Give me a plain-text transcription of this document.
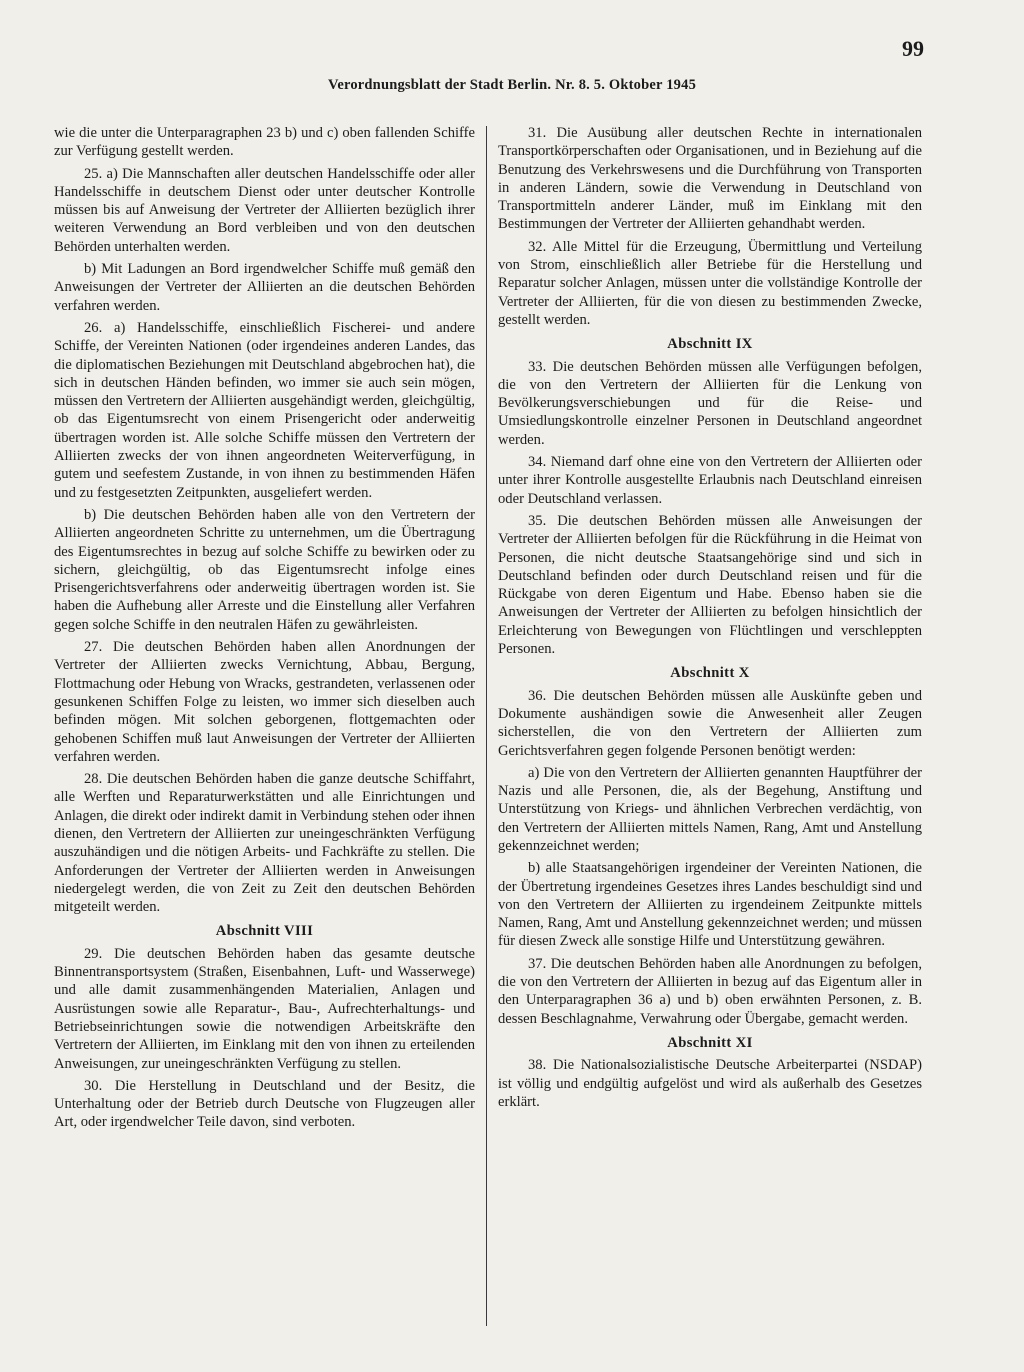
99
Verordnungsblatt der Stadt Berlin. Nr. 8. 5. Oktober 1945

wie die unter die Unterparagraphen 23 b) und c) oben fallenden Schiffe zur Verfügung gestellt werden.

25. a) Die Mannschaften aller deutschen Handelsschiffe oder aller Handelsschiffe in deutschem Dienst oder unter deutscher Kontrolle müssen bis auf Anweisung der Vertreter der Alliierten bezüglich ihrer weiteren Verwendung an Bord verbleiben und von den deutschen Behörden unterhalten werden.

b) Mit Ladungen an Bord irgendwelcher Schiffe muß gemäß den Anweisungen der Vertreter der Alliierten an die deutschen Behörden verfahren werden.

26. a) Handelsschiffe, einschließlich Fischerei- und andere Schiffe, der Vereinten Nationen (oder irgendeines anderen Landes, das die diplomatischen Beziehungen mit Deutschland abgebrochen hat), die sich in deutschen Händen befinden, wo immer sie auch sein mögen, müssen den Vertretern der Alliierten ausgehändigt werden, gleichgültig, ob das Eigentumsrecht von einem Prisengericht oder anderweitig übertragen worden ist. Alle solche Schiffe müssen den Vertretern der Alliierten zwecks der von ihnen angeordneten Weiterverfügung, in gutem und seefestem Zustande, in von ihnen zu bestimmenden Häfen und zu festgesetzten Zeitpunkten, ausgeliefert werden.

b) Die deutschen Behörden haben alle von den Vertretern der Alliierten angeordneten Schritte zu unternehmen, um die Übertragung des Eigentumsrechtes in bezug auf solche Schiffe zu bewirken oder zu sichern, gleichgültig, ob das Eigentumsrecht infolge eines Prisengerichtsverfahrens oder anderweitig übertragen worden ist. Sie haben die Aufhebung aller Arreste und die Einstellung aller Verfahren gegen solche Schiffe in den neutralen Häfen zu gewährleisten.

27. Die deutschen Behörden haben allen Anordnungen der Vertreter der Alliierten zwecks Vernichtung, Abbau, Bergung, Flottmachung oder Hebung von Wracks, gestrandeten, verlassenen oder gesunkenen Schiffen Folge zu leisten, wo immer sich dieselben auch befinden mögen. Mit solchen geborgenen, flottgemachten oder gehobenen Schiffen muß laut Anweisungen der Vertreter der Alliierten verfahren werden.

28. Die deutschen Behörden haben die ganze deutsche Schiffahrt, alle Werften und Reparaturwerkstätten und alle Einrichtungen und Anlagen, die direkt oder indirekt damit in Verbindung stehen oder ihnen dienen, den Vertretern der Alliierten zur uneingeschränkten Verfügung auszuhändigen und die nötigen Arbeits- und Fachkräfte zu stellen. Die Anforderungen der Vertreter der Alliierten werden in Anweisungen niedergelegt werden, die von Zeit zu Zeit den deutschen Behörden mitgeteilt werden.

Abschnitt VIII

29. Die deutschen Behörden haben das gesamte deutsche Binnentransportsystem (Straßen, Eisenbahnen, Luft- und Wasserwege) und alle damit zusammenhängenden Materialien, Anlagen und Ausrüstungen sowie alle Reparatur-, Bau-, Aufrechterhaltungs- und Betriebseinrichtungen sowie die notwendigen Arbeitskräfte den Vertretern der Alliierten, im Einklang mit den von ihnen zu erteilenden Anweisungen, zur uneingeschränkten Verfügung zu stellen.

30. Die Herstellung in Deutschland und der Besitz, die Unterhaltung oder der Betrieb durch Deutsche von Flugzeugen aller Art, oder irgendwelcher Teile davon, sind verboten.

31. Die Ausübung aller deutschen Rechte in internationalen Transportkörperschaften oder Organisationen, und in Beziehung auf die Benutzung des Verkehrswesens und die Durchführung von Transporten in anderen Ländern, sowie die Verwendung in Deutschland von Transportmitteln anderer Länder, muß im Einklang mit den Bestimmungen der Vertreter der Alliierten gehandhabt werden.

32. Alle Mittel für die Erzeugung, Übermittlung und Verteilung von Strom, einschließlich aller Betriebe für die Herstellung und Reparatur solcher Anlagen, müssen unter die vollständige Kontrolle der Vertreter der Alliierten, für die von diesen zu bestimmenden Zwecke, gestellt werden.

Abschnitt IX

33. Die deutschen Behörden müssen alle Verfügungen befolgen, die von den Vertretern der Alliierten für die Lenkung von Bevölkerungsverschiebungen und für die Reise- und Umsiedlungskontrolle einzelner Personen in Deutschland angeordnet werden.

34. Niemand darf ohne eine von den Vertretern der Alliierten oder unter ihrer Kontrolle ausgestellte Erlaubnis nach Deutschland einreisen oder Deutschland verlassen.

35. Die deutschen Behörden müssen alle Anweisungen der Vertreter der Alliierten befolgen für die Rückführung in die Heimat von Personen, die nicht deutsche Staatsangehörige sind und sich in Deutschland befinden oder durch Deutschland reisen und für die Rückgabe von deren Eigentum und Habe. Ebenso haben sie die Anweisungen der Vertreter der Alliierten zu befolgen hinsichtlich der Erleichterung von Bewegungen von Flüchtlingen und verschleppten Personen.

Abschnitt X

36. Die deutschen Behörden müssen alle Auskünfte geben und Dokumente aushändigen sowie die Anwesenheit aller Zeugen sicherstellen, die von den Vertretern der Alliierten zum Gerichtsverfahren gegen folgende Personen benötigt werden:

a) Die von den Vertretern der Alliierten genannten Hauptführer der Nazis und alle Personen, die, als der Begehung, Anstiftung und Unterstützung von Kriegs- und ähnlichen Verbrechen verdächtig, von den Vertretern der Alliierten mittels Namen, Rang, Amt und Anstellung gekennzeichnet werden;

b) alle Staatsangehörigen irgendeiner der Vereinten Nationen, die der Übertretung irgendeines Gesetzes ihres Landes beschuldigt sind und von den Vertretern der Alliierten zu irgendeinem Zeitpunkte mittels Namen, Rang, Amt und Anstellung gekennzeichnet werden; und müssen für diesen Zweck alle sonstige Hilfe und Unterstützung gewähren.

37. Die deutschen Behörden haben alle Anordnungen zu befolgen, die von den Vertretern der Alliierten in bezug auf das Eigentum aller in den Unterparagraphen 36 a) und b) oben erwähnten Personen, z. B. dessen Beschlagnahme, Verwahrung oder Übergabe, gemacht werden.

Abschnitt XI

38. Die Nationalsozialistische Deutsche Arbeiterpartei (NSDAP) ist völlig und endgültig aufgelöst und wird als außerhalb des Gesetzes erklärt.
